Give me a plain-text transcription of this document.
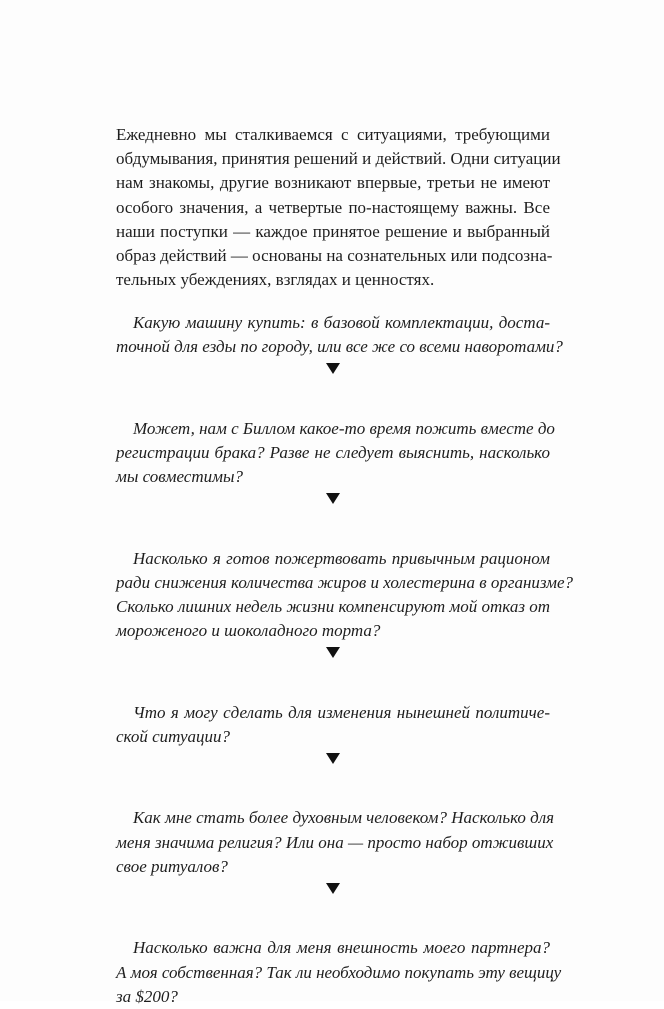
Ежедневно мы сталкиваемся с ситуациями, требующими
обдумывания, принятия решений и действий. Одни ситуации
нам знакомы, другие возникают впервые, третьи не имеют
особого значения, а четвертые по-настоящему важны. Все
наши поступки — каждое принятое решение и выбранный
образ действий — основаны на сознательных или подсозна-
тельных убеждениях, взглядах и ценностях.
Какую машину купить: в базовой комплектации, доста-
точной для езды по городу, или все же со всеми наворотами?
Может, нам с Биллом какое-то время пожить вместе до
регистрации брака? Разве не следует выяснить, насколько
мы совместимы?
Насколько я готов пожертвовать привычным рационом
ради снижения количества жиров и холестерина в организме?
Сколько лишних недель жизни компенсируют мой отказ от
мороженого и шоколадного торта?
Что я могу сделать для изменения нынешней политиче-
ской ситуации?
Как мне стать более духовным человеком? Насколько для
меня значима религия? Или она — просто набор отживших
свое ритуалов?
Насколько важна для меня внешность моего партнера?
А моя собственная? Так ли необходимо покупать эту вещицу
за $200?
